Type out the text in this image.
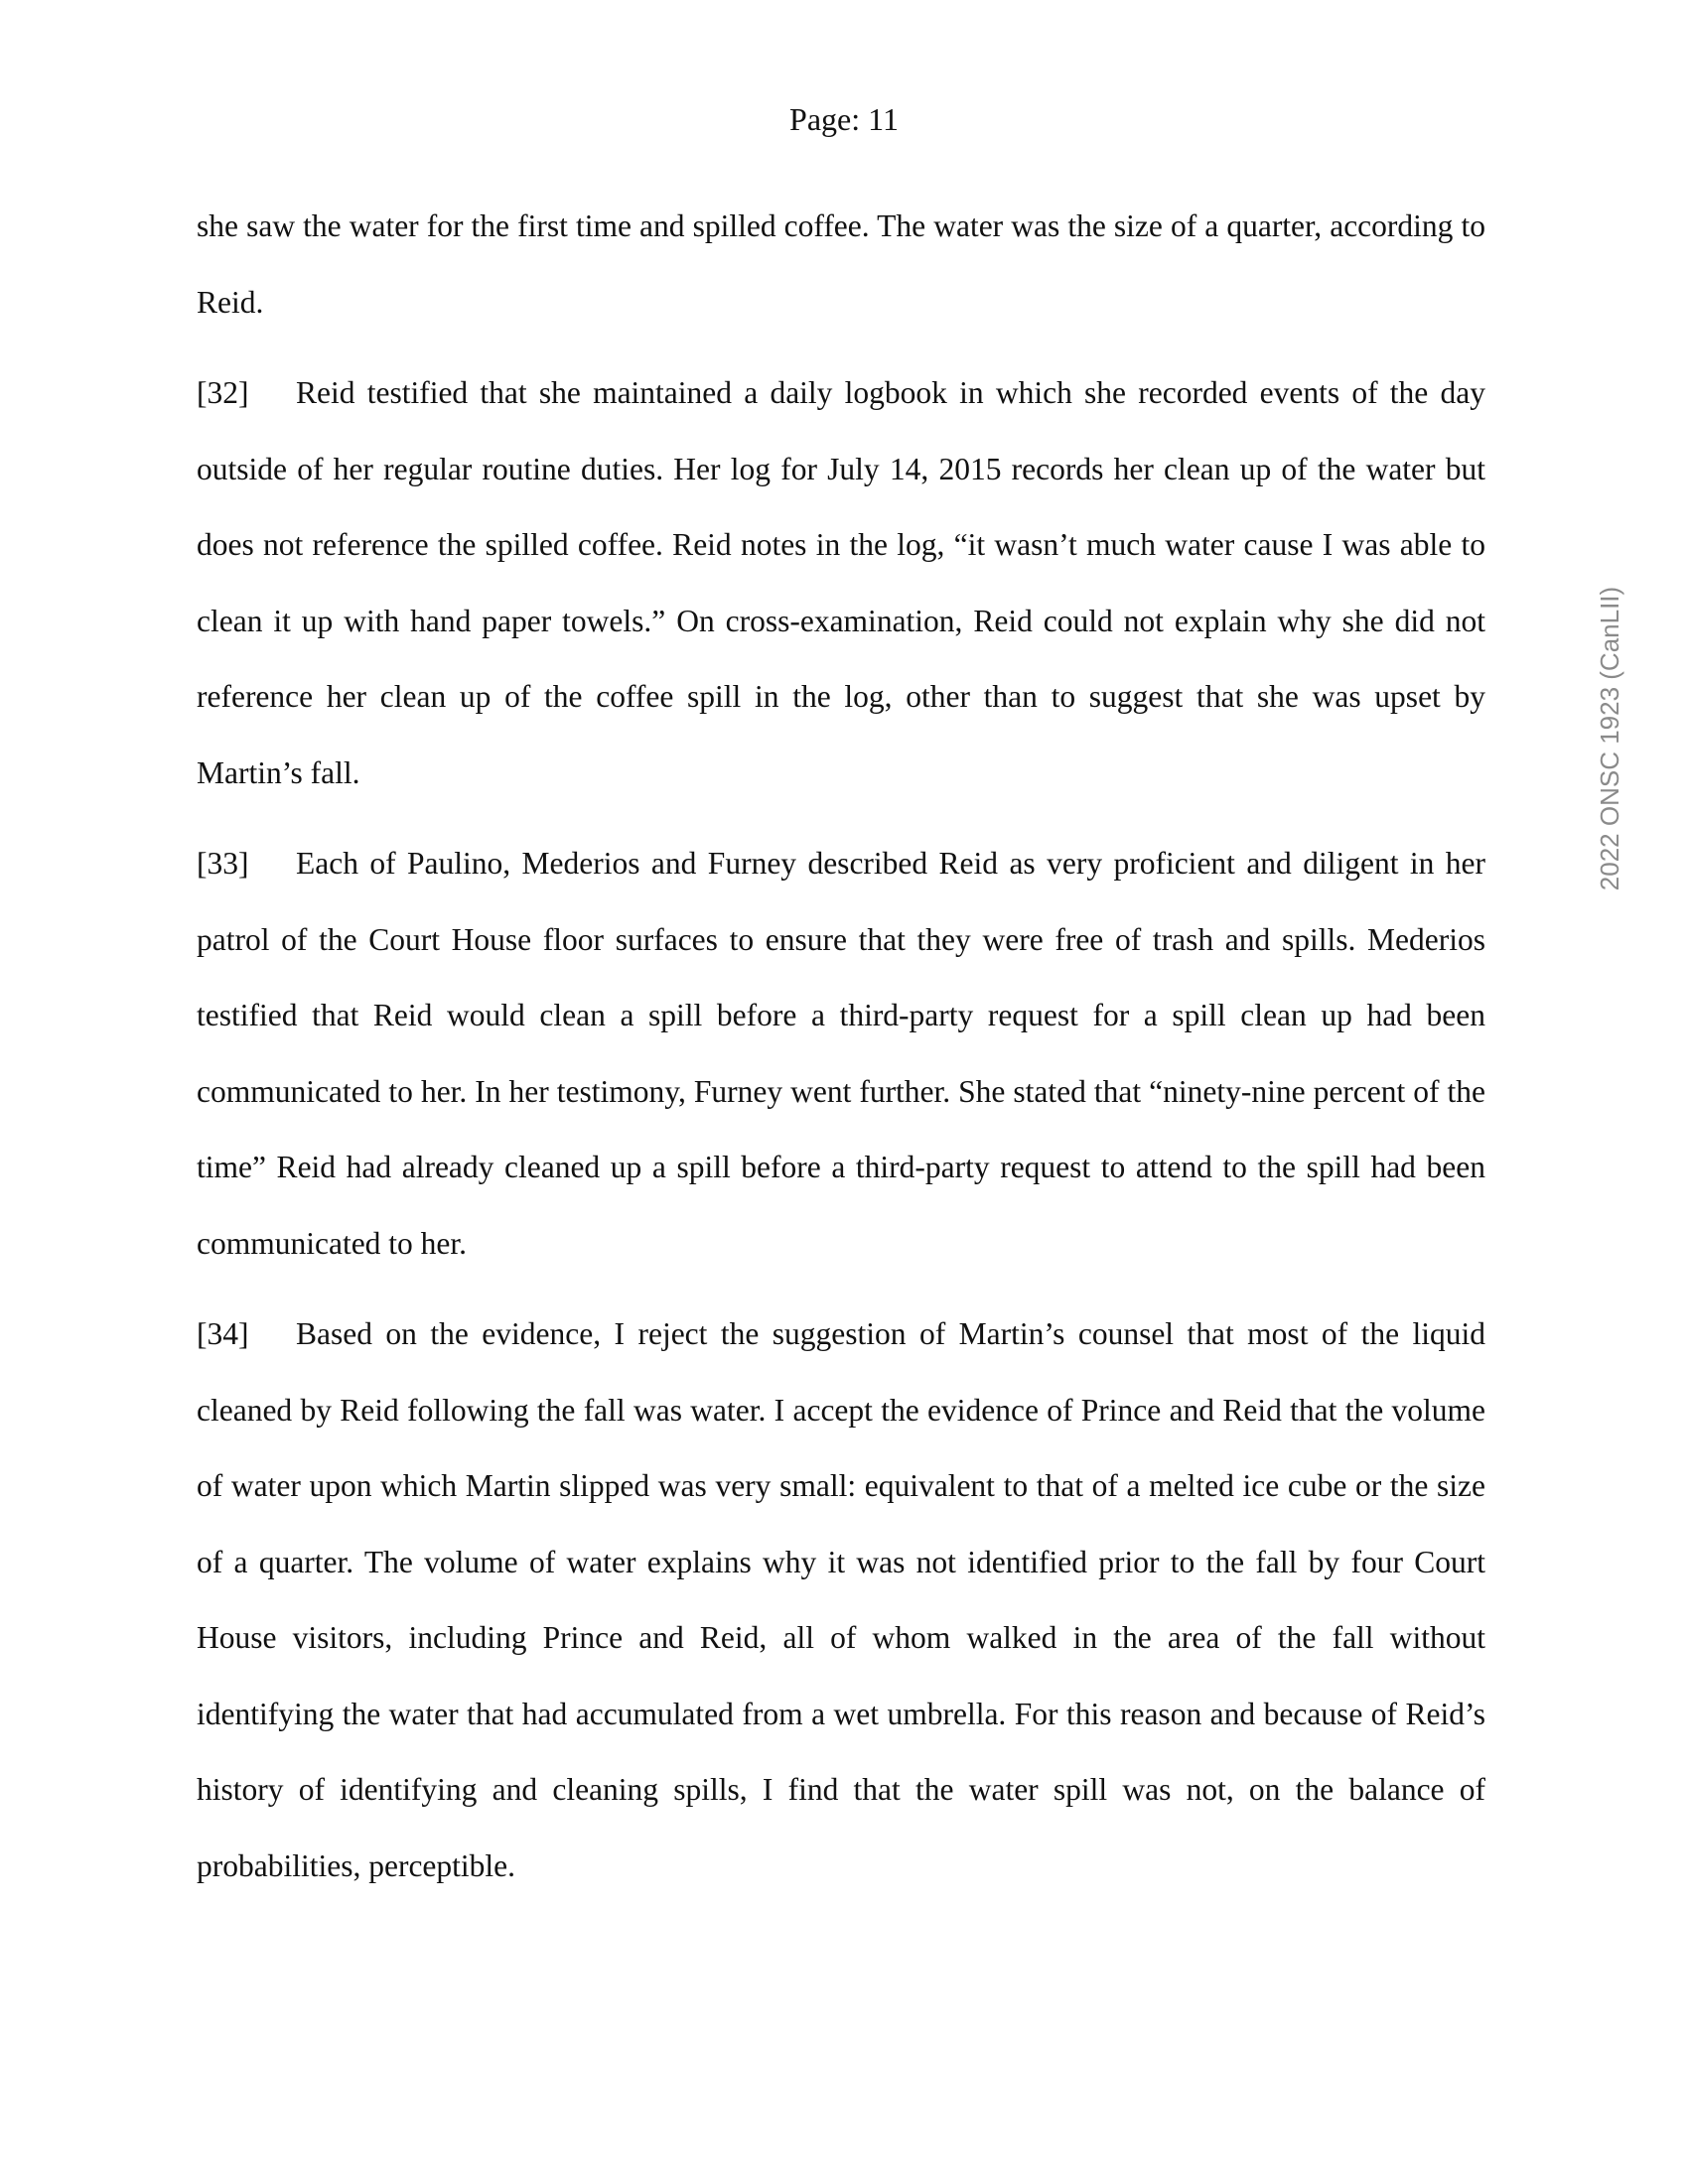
Page: 11

she saw the water for the first time and spilled coffee. The water was the size of a quarter, according to Reid.

[32] Reid testified that she maintained a daily logbook in which she recorded events of the day outside of her regular routine duties. Her log for July 14, 2015 records her clean up of the water but does not reference the spilled coffee. Reid notes in the log, “it wasn’t much water cause I was able to clean it up with hand paper towels.” On cross-examination, Reid could not explain why she did not reference her clean up of the coffee spill in the log, other than to suggest that she was upset by Martin’s fall.

[33] Each of Paulino, Mederios and Furney described Reid as very proficient and diligent in her patrol of the Court House floor surfaces to ensure that they were free of trash and spills. Mederios testified that Reid would clean a spill before a third-party request for a spill clean up had been communicated to her. In her testimony, Furney went further. She stated that “ninety-nine percent of the time” Reid had already cleaned up a spill before a third-party request to attend to the spill had been communicated to her.

[34] Based on the evidence, I reject the suggestion of Martin’s counsel that most of the liquid cleaned by Reid following the fall was water. I accept the evidence of Prince and Reid that the volume of water upon which Martin slipped was very small: equivalent to that of a melted ice cube or the size of a quarter. The volume of water explains why it was not identified prior to the fall by four Court House visitors, including Prince and Reid, all of whom walked in the area of the fall without identifying the water that had accumulated from a wet umbrella. For this reason and because of Reid’s history of identifying and cleaning spills, I find that the water spill was not, on the balance of probabilities, perceptible.

2022 ONSC 1923 (CanLII)
